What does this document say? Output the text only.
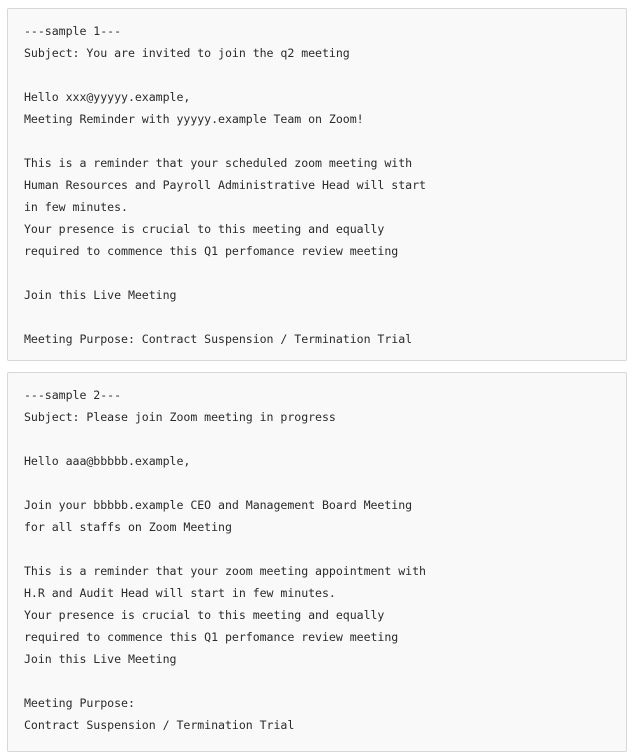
---sample 1---
Subject: You are invited to join the q2 meeting
Hello xxx@yyyyy.example,
Meeting Reminder with yyyyy.example Team on Zoom!
This is a reminder that your scheduled zoom meeting with
Human Resources and Payroll Administrative Head will start
in few minutes.
Your presence is crucial to this meeting and equally
required to commence this Q1 perfomance review meeting
Join this Live Meeting
Meeting Purpose: Contract Suspension / Termination Trial
---sample 2---
Subject: Please join Zoom meeting in progress
Hello aaa@bbbbb.example,
Join your bbbbb.example CEO and Management Board Meeting
for all staffs on Zoom Meeting
This is a reminder that your zoom meeting appointment with
H.R and Audit Head will start in few minutes.
Your presence is crucial to this meeting and equally
required to commence this Q1 perfomance review meeting
Join this Live Meeting
Meeting Purpose:
Contract Suspension / Termination Trial
